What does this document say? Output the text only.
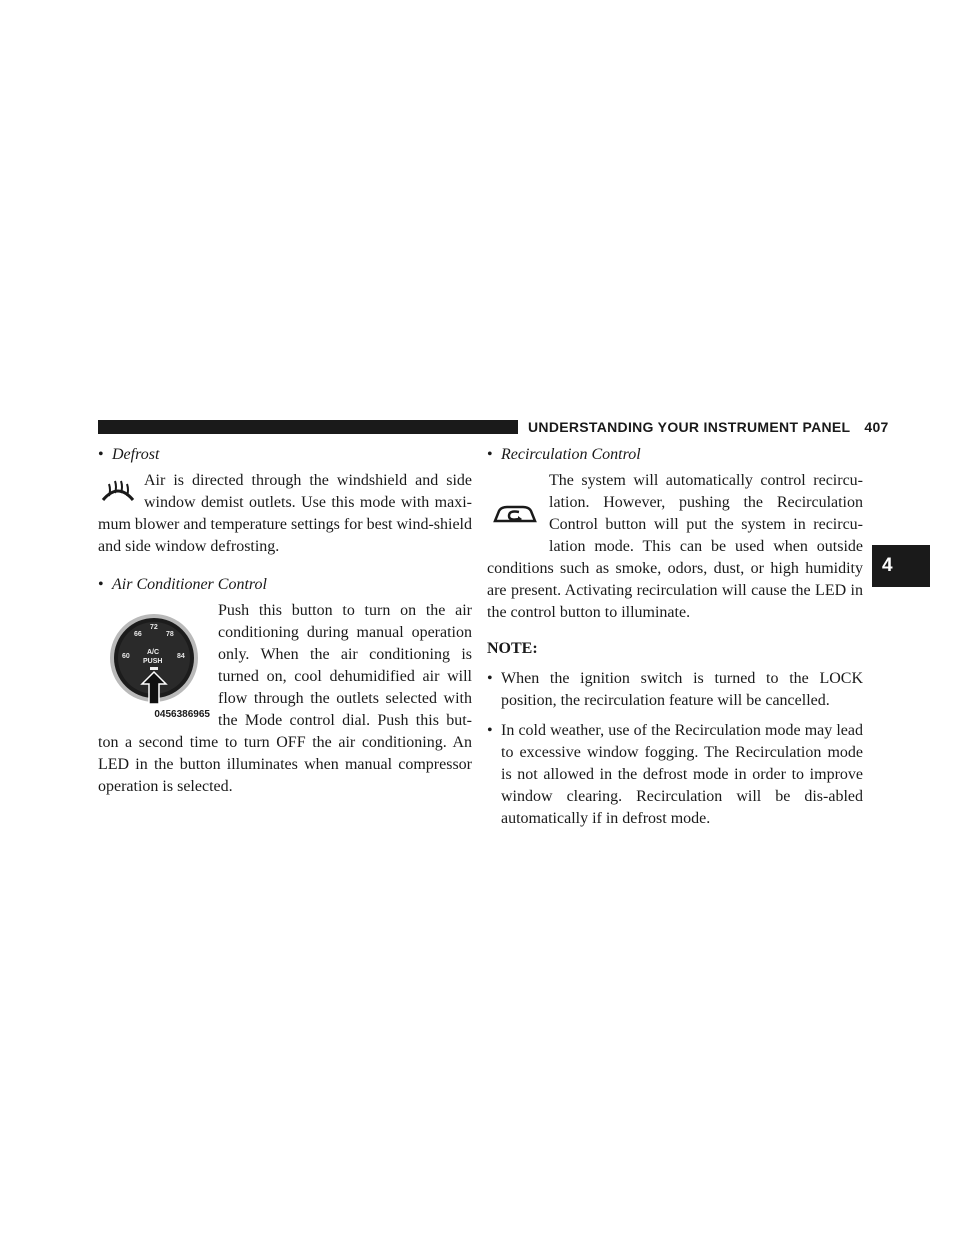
UNDERSTANDING YOUR INSTRUMENT PANEL 407
4
• Defrost

Air is directed through the windshield and side window demist outlets. Use this mode with maxi-mum blower and temperature settings for best wind-shield and side window defrosting.

• Air Conditioner Control
66
72
78
60	84
A/C
PUSH
0456386965

Push this button to turn on the air conditioning during manual operation only. When the air conditioning is turned on, cool dehumidified air will flow through the outlets selected with the Mode control dial. Push this but-ton a second time to turn OFF the air conditioning. An LED in the button illuminates when manual compressor operation is selected.

• Recirculation Control

The system will automatically control recircu-lation. However, pushing the Recirculation Control button will put the system in recircu-lation mode. This can be used when outside conditions such as smoke, odors, dust, or high humidity are present. Activating recirculation will cause the LED in the control button to illuminate.

NOTE:
• When the ignition switch is turned to the LOCK position, the recirculation feature will be cancelled.
• In cold weather, use of the Recirculation mode may lead to excessive window fogging. The Recirculation mode is not allowed in the defrost mode in order to improve window clearing. Recirculation will be dis-abled automatically if in defrost mode.
